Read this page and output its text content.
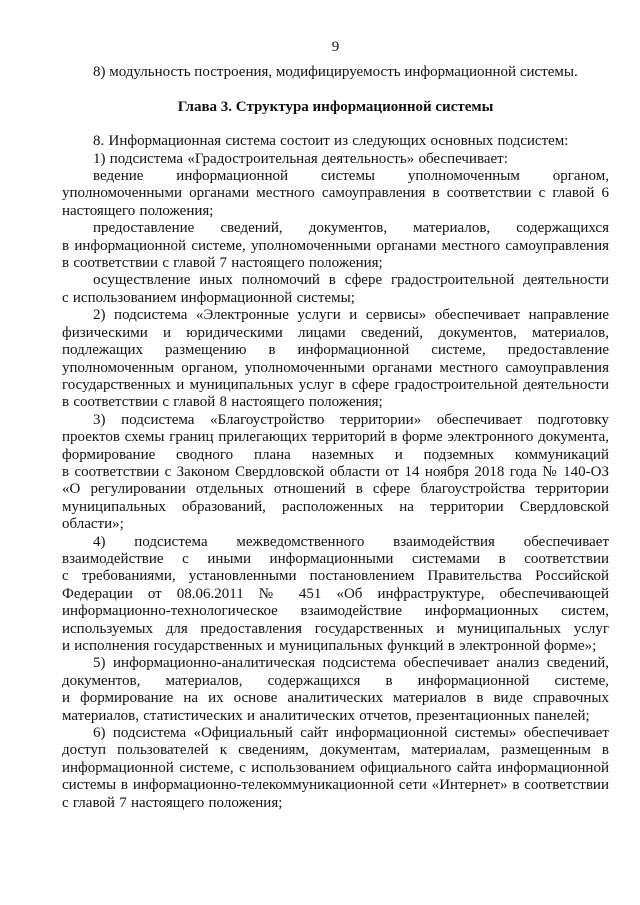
9

8) модульность построения, модифицируемость информационной системы.

Глава 3. Структура информационной системы

8. Информационная система состоит из следующих основных подсистем:

1) подсистема «Градостроительная деятельность» обеспечивает:

ведение информационной системы уполномоченным органом, уполномоченными органами местного самоуправления в соответствии с главой 6 настоящего положения;

предоставление сведений, документов, материалов, содержащихся в информационной системе, уполномоченными органами местного самоуправления в соответствии с главой 7 настоящего положения;

осуществление иных полномочий в сфере градостроительной деятельности с использованием информационной системы;

2) подсистема «Электронные услуги и сервисы» обеспечивает направление физическими и юридическими лицами сведений, документов, материалов, подлежащих размещению в информационной системе, предоставление уполномоченным органом, уполномоченными органами местного самоуправления государственных и муниципальных услуг в сфере градостроительной деятельности в соответствии с главой 8 настоящего положения;

3) подсистема «Благоустройство территории» обеспечивает подготовку проектов схемы границ прилегающих территорий в форме электронного документа, формирование сводного плана наземных и подземных коммуникаций в соответствии с Законом Свердловской области от 14 ноября 2018 года № 140-ОЗ «О регулировании отдельных отношений в сфере благоустройства территории муниципальных образований, расположенных на территории Свердловской области»;

4) подсистема межведомственного взаимодействия обеспечивает взаимодействие с иными информационными системами в соответствии с требованиями, установленными постановлением Правительства Российской Федерации от 08.06.2011 № 451 «Об инфраструктуре, обеспечивающей информационно-технологическое взаимодействие информационных систем, используемых для предоставления государственных и муниципальных услуг и исполнения государственных и муниципальных функций в электронной форме»;

5) информационно-аналитическая подсистема обеспечивает анализ сведений, документов, материалов, содержащихся в информационной системе, и формирование на их основе аналитических материалов в виде справочных материалов, статистических и аналитических отчетов, презентационных панелей;

6) подсистема «Официальный сайт информационной системы» обеспечивает доступ пользователей к сведениям, документам, материалам, размещенным в информационной системе, с использованием официального сайта информационной системы в информационно-телекоммуникационной сети «Интернет» в соответствии с главой 7 настоящего положения;
